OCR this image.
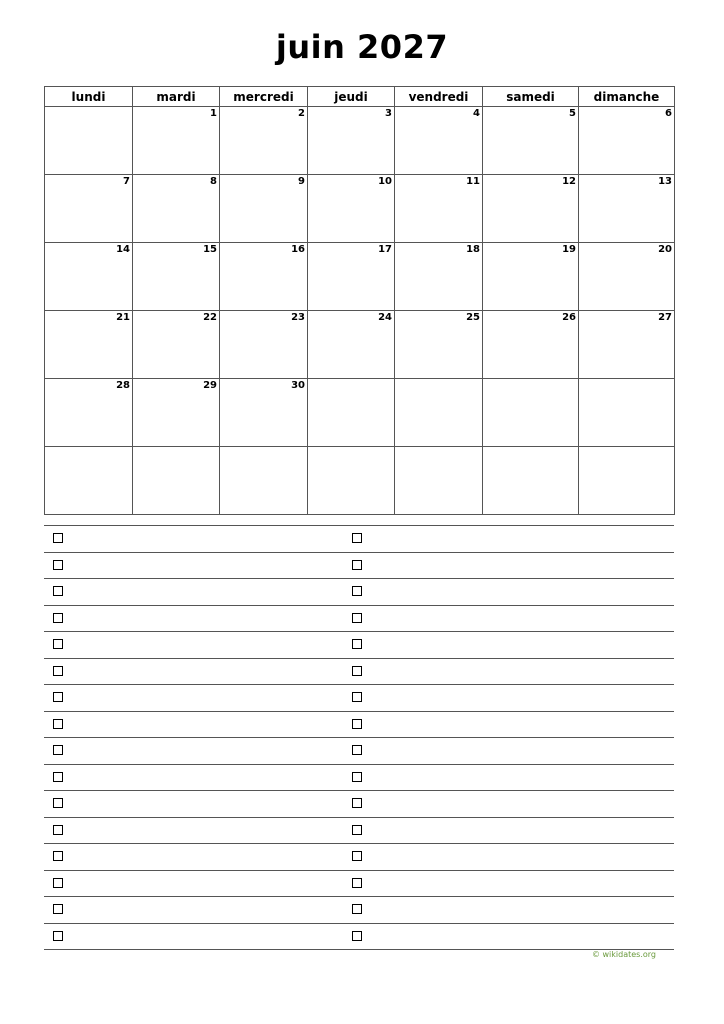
juin 2027
lundi	mardi	mercredi	jeudi	vendredi	samedi	dimanche

	1	2	3	4	5	6

7	8	9	10	11	12	13

14	15	16	17	18	19	20

21	22	23	24	25	26	27

28	29	30				

© wikidates.org
